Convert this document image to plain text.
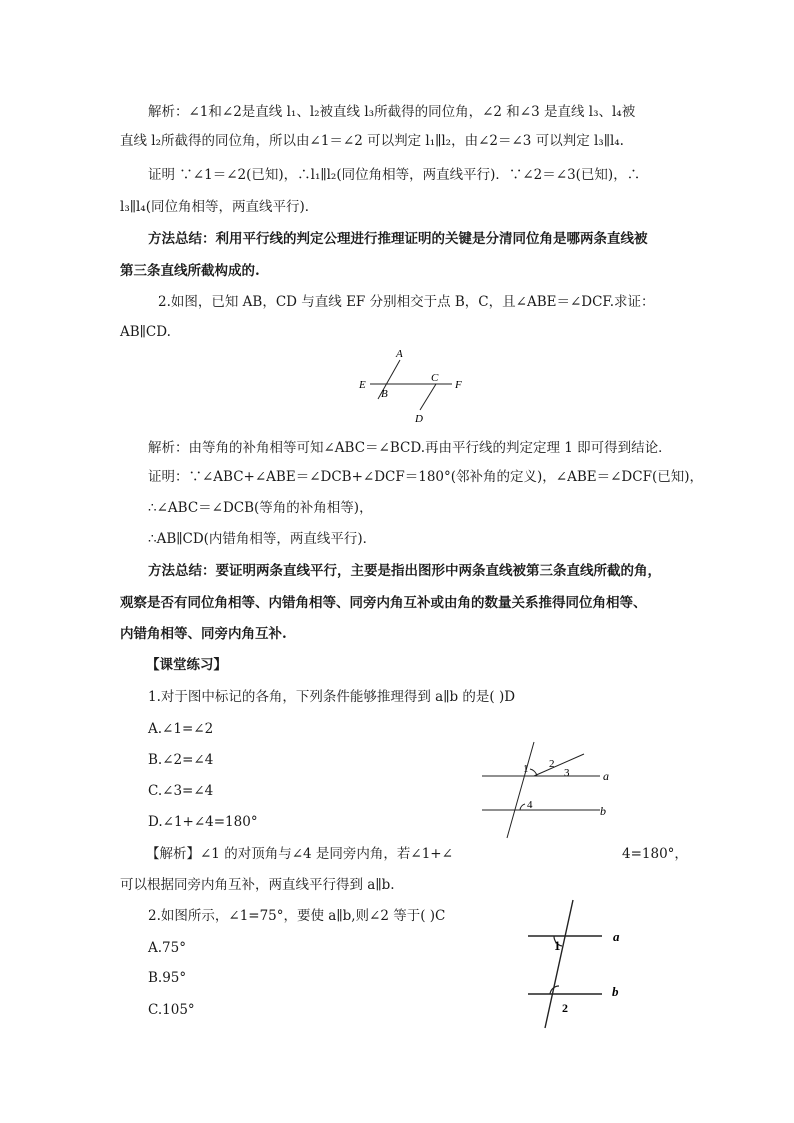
解析：∠1和∠2是直线 l₁、l₂被直线 l₃所截得的同位角，∠2 和∠3 是直线 l₃、l₄被
直线 l₂所截得的同位角，所以由∠1＝∠2 可以判定 l₁∥l₂，由∠2＝∠3 可以判定 l₃∥l₄.
证明 ∵∠1＝∠2(已知)，∴l₁∥l₂(同位角相等，两直线平行)．∵∠2＝∠3(已知)，∴
l₃∥l₄(同位角相等，两直线平行)．
方法总结：利用平行线的判定公理进行推理证明的关键是分清同位角是哪两条直线被
第三条直线所截构成的.
2.如图，已知 AB，CD 与直线 EF 分别相交于点 B，C，且∠ABE＝∠DCF.求证：
AB∥CD.
A
E
B
C
F
D
解析：由等角的补角相等可知∠ABC＝∠BCD.再由平行线的判定定理 1 即可得到结论．
证明：∵∠ABC+∠ABE＝∠DCB+∠DCF＝180°(邻补角的定义)，∠ABE＝∠DCF(已知)，
∴∠ABC＝∠DCB(等角的补角相等)，
∴AB∥CD(内错角相等，两直线平行)．
方法总结：要证明两条直线平行，主要是指出图形中两条直线被第三条直线所截的角，
观察是否有同位角相等、内错角相等、同旁内角互补或由角的数量关系推得同位角相等、
内错角相等、同旁内角互补.
【课堂练习】
1.对于图中标记的各角，下列条件能够推理得到 a∥b 的是( )D
A.∠1=∠2
B.∠2=∠4
C.∠3=∠4
D.∠1+∠4=180°
1 2
3
4
a
b
【解析】∠1 的对顶角与∠4 是同旁内角，若∠1+∠	4=180°，
可以根据同旁内角互补，两直线平行得到 a∥b.
2.如图所示，∠1=75°，要使 a∥b,则∠2 等于( )C
A.75°
B.95°
C.105°
1
2
a
b
